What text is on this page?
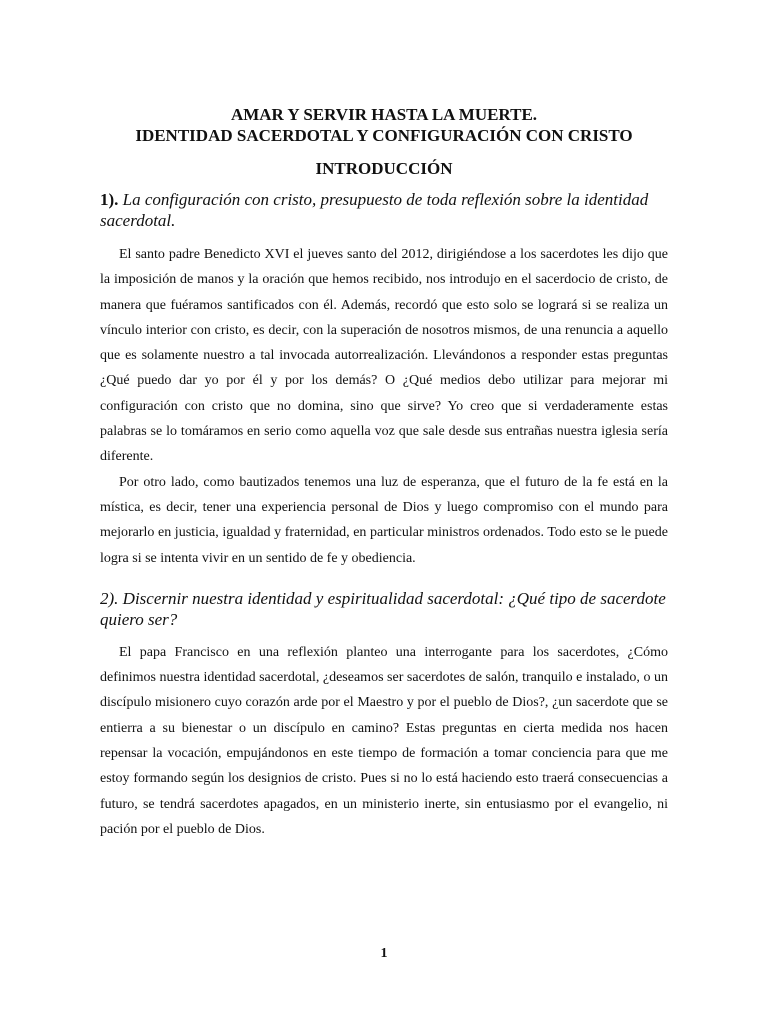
AMAR Y SERVIR HASTA LA MUERTE.

IDENTIDAD SACERDOTAL Y CONFIGURACIÓN CON CRISTO

INTRODUCCIÓN

1). La configuración con cristo, presupuesto de toda reflexión sobre la identidad sacerdotal.

El santo padre Benedicto XVI el jueves santo del 2012, dirigiéndose a los sacerdotes les dijo que la imposición de manos y la oración que hemos recibido, nos introdujo en el sacerdocio de cristo, de manera que fuéramos santificados con él. Además, recordó que esto solo se logrará si se realiza un vínculo interior con cristo, es decir, con la superación de nosotros mismos, de una renuncia a aquello que es solamente nuestro a tal invocada autorrealización. Llevándonos a responder estas preguntas ¿Qué puedo dar yo por él y por los demás? O ¿Qué medios debo utilizar para mejorar mi configuración con cristo que no domina, sino que sirve? Yo creo que si verdaderamente estas palabras se lo tomáramos en serio como aquella voz que sale desde sus entrañas nuestra iglesia sería diferente.

Por otro lado, como bautizados tenemos una luz de esperanza, que el futuro de la fe está en la mística, es decir, tener una experiencia personal de Dios y luego compromiso con el mundo para mejorarlo en justicia, igualdad y fraternidad, en particular ministros ordenados. Todo esto se le puede logra si se intenta vivir en un sentido de fe y obediencia.

2). Discernir nuestra identidad y espiritualidad sacerdotal: ¿Qué tipo de sacerdote quiero ser?

El papa Francisco en una reflexión planteo una interrogante para los sacerdotes, ¿Cómo definimos nuestra identidad sacerdotal, ¿deseamos ser sacerdotes de salón, tranquilo e instalado, o un discípulo misionero cuyo corazón arde por el Maestro y por el pueblo de Dios?, ¿un sacerdote que se entierra a su bienestar o un discípulo en camino? Estas preguntas en cierta medida nos hacen repensar la vocación, empujándonos en este tiempo de formación a tomar conciencia para que me estoy formando según los designios de cristo. Pues si no lo está haciendo esto traerá consecuencias a futuro, se tendrá sacerdotes apagados, en un ministerio inerte, sin entusiasmo por el evangelio, ni pación por el pueblo de Dios.

1
